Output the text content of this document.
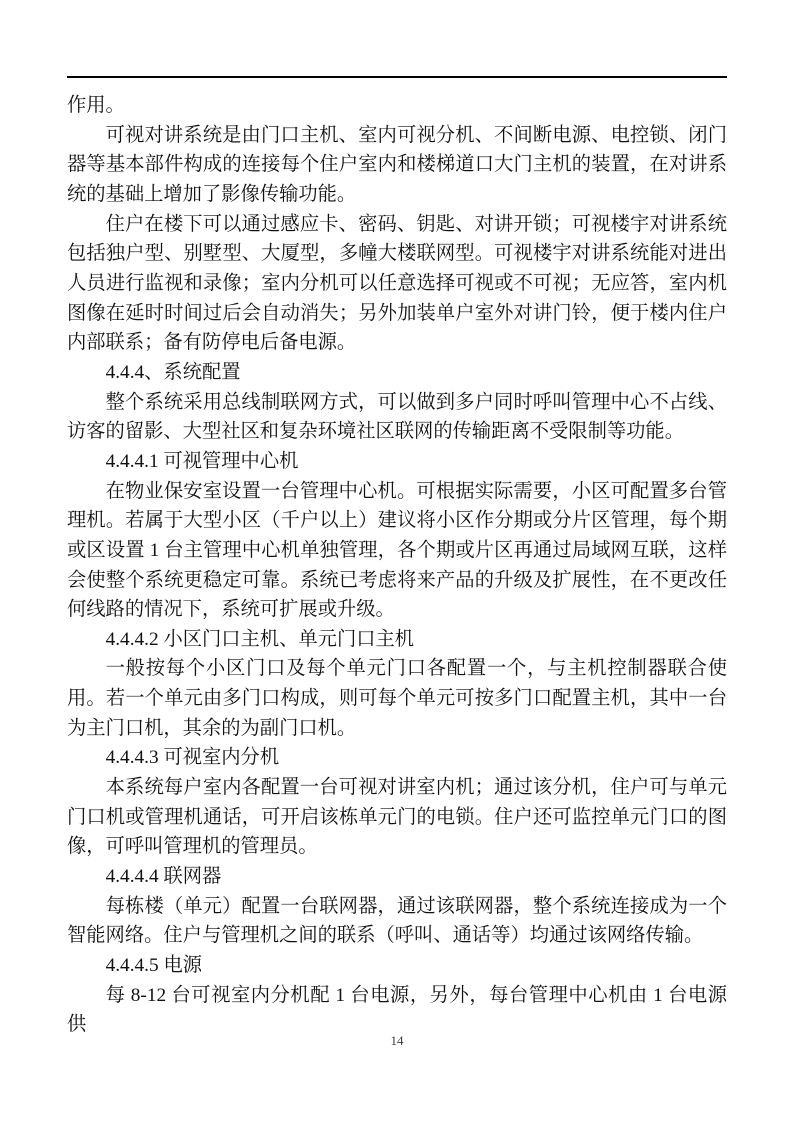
作用。

可视对讲系统是由门口主机、室内可视分机、不间断电源、电控锁、闭门器等基本部件构成的连接每个住户室内和楼梯道口大门主机的装置，在对讲系统的基础上增加了影像传输功能。

住户在楼下可以通过感应卡、密码、钥匙、对讲开锁；可视楼宇对讲系统包括独户型、别墅型、大厦型，多幢大楼联网型。可视楼宇对讲系统能对进出人员进行监视和录像；室内分机可以任意选择可视或不可视；无应答，室内机图像在延时时间过后会自动消失；另外加装单户室外对讲门铃，便于楼内住户内部联系；备有防停电后备电源。

4.4.4、系统配置

整个系统采用总线制联网方式，可以做到多户同时呼叫管理中心不占线、访客的留影、大型社区和复杂环境社区联网的传输距离不受限制等功能。

4.4.4.1 可视管理中心机

在物业保安室设置一台管理中心机。可根据实际需要，小区可配置多台管理机。若属于大型小区（千户以上）建议将小区作分期或分片区管理，每个期或区设置 1 台主管理中心机单独管理，各个期或片区再通过局域网互联，这样会使整个系统更稳定可靠。系统已考虑将来产品的升级及扩展性，在不更改任何线路的情况下，系统可扩展或升级。

4.4.4.2 小区门口主机、单元门口主机

一般按每个小区门口及每个单元门口各配置一个，与主机控制器联合使用。若一个单元由多门口构成，则可每个单元可按多门口配置主机，其中一台为主门口机，其余的为副门口机。

4.4.4.3 可视室内分机

本系统每户室内各配置一台可视对讲室内机；通过该分机，住户可与单元门口机或管理机通话，可开启该栋单元门的电锁。住户还可监控单元门口的图像，可呼叫管理机的管理员。

4.4.4.4 联网器

每栋楼（单元）配置一台联网器，通过该联网器，整个系统连接成为一个智能网络。住户与管理机之间的联系（呼叫、通话等）均通过该网络传输。

4.4.4.5 电源

每 8-12 台可视室内分机配 1 台电源，另外，每台管理中心机由 1 台电源供

14
